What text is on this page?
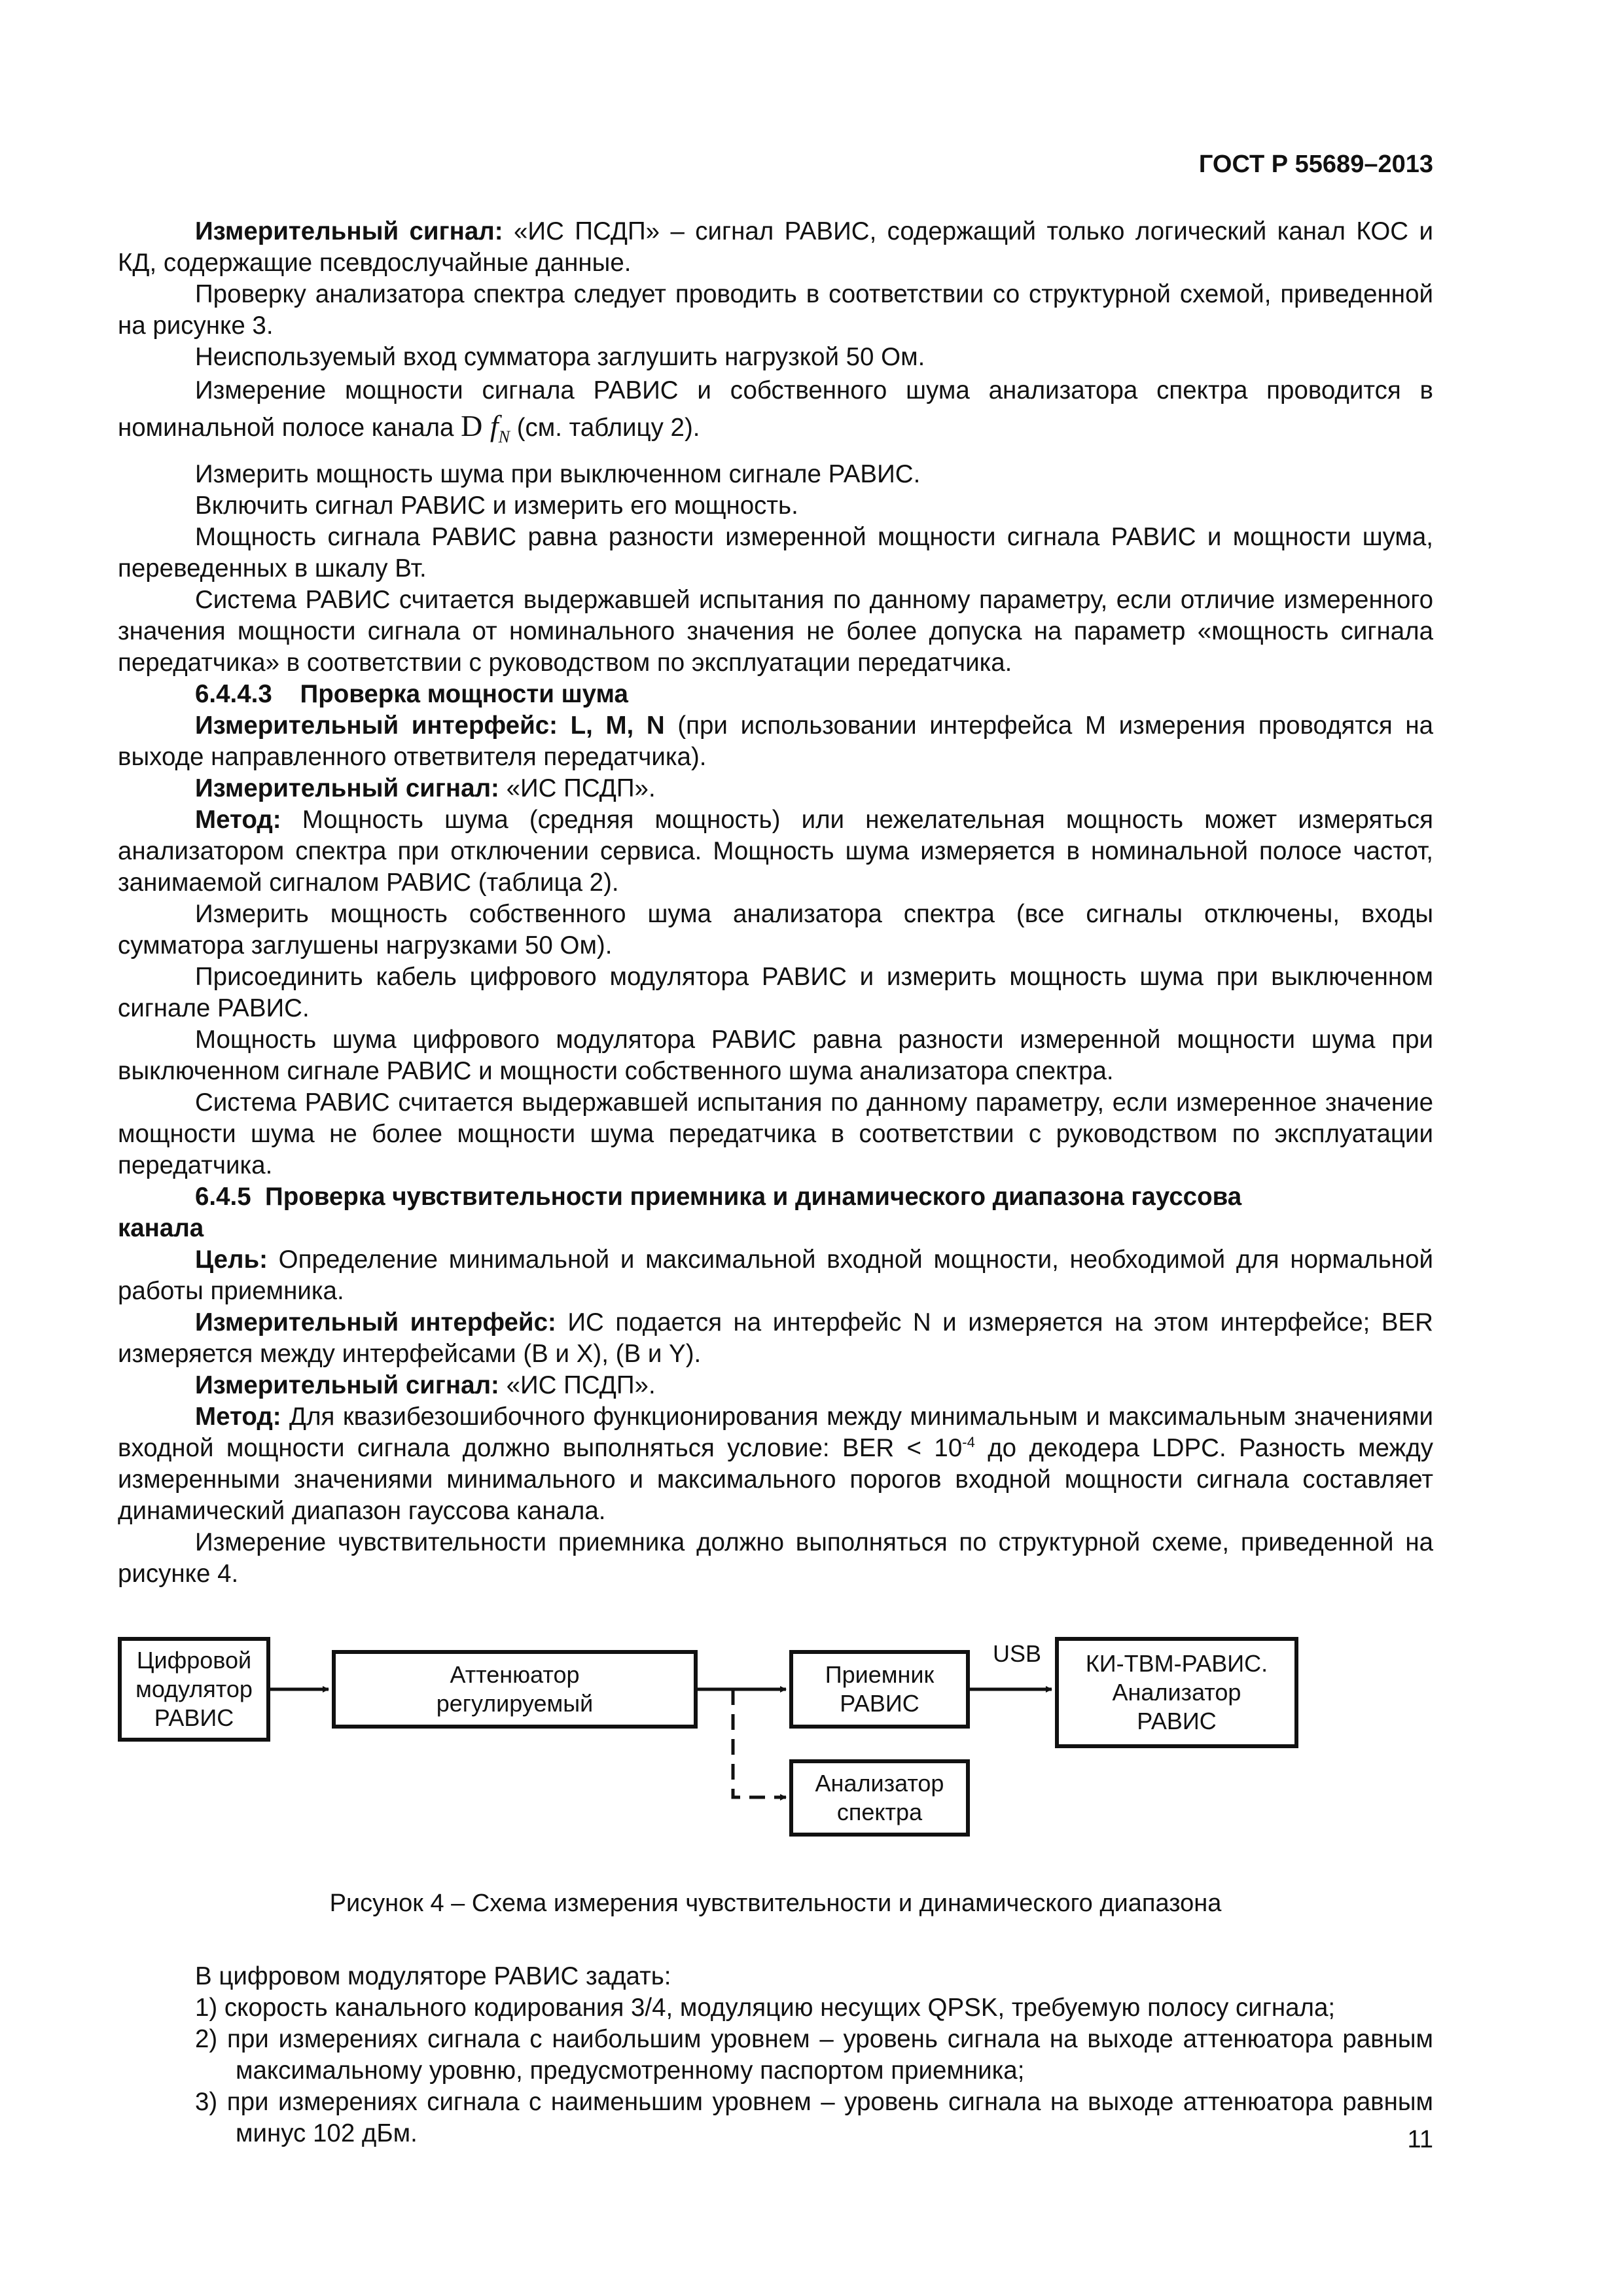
ГОСТ Р 55689–2013

Измерительный сигнал: «ИС ПСДП» – сигнал РАВИС, содержащий только логический канал КОС и КД, содержащие псевдослучайные данные.

Проверку анализатора спектра следует проводить в соответствии со структурной схемой, приведенной на рисунке 3.

Неиспользуемый вход сумматора заглушить нагрузкой 50 Ом.

Измерение мощности сигнала РАВИС и собственного шума анализатора спектра проводится в номинальной полосе канала D $f_N$ (см. таблицу 2).

Измерить мощность шума при выключенном сигнале РАВИС.

Включить сигнал РАВИС и измерить его мощность.

Мощность сигнала РАВИС равна разности измеренной мощности сигнала РАВИС и мощности шума, переведенных в шкалу Вт.

Система РАВИС считается выдержавшей испытания по данному параметру, если отличие измеренного значения мощности сигнала от номинального значения не более допуска на параметр «мощность сигнала передатчика» в соответствии с руководством по эксплуатации передатчика.

6.4.4.3    Проверка мощности шума

Измерительный интерфейс: L, M, N (при использовании интерфейса М измерения проводятся на выходе направленного ответвителя передатчика).

Измерительный сигнал: «ИС ПСДП».

Метод: Мощность шума (средняя мощность) или нежелательная мощность может измеряться анализатором спектра при отключении сервиса. Мощность шума измеряется в номинальной полосе частот, занимаемой сигналом РАВИС (таблица 2).

Измерить мощность собственного шума анализатора спектра (все сигналы отключены, входы сумматора заглушены нагрузками 50 Ом).

Присоединить кабель цифрового модулятора РАВИС и измерить мощность шума при выключенном сигнале РАВИС.

Мощность шума цифрового модулятора РАВИС равна разности измеренной мощности шума при выключенном сигнале РАВИС и мощности собственного шума анализатора спектра.

Система РАВИС считается выдержавшей испытания по данному параметру, если измеренное значение мощности шума не более мощности шума передатчика в соответствии с руководством по эксплуатации передатчика.

6.4.5  Проверка чувствительности приемника и динамического диапазона гауссова

канала

Цель: Определение минимальной и максимальной входной мощности, необходимой для нормальной работы приемника.

Измерительный интерфейс: ИС подается на интерфейс N и измеряется на этом интерфейсе; BER измеряется между интерфейсами (B и X), (B и Y).

Измерительный сигнал: «ИС ПСДП».

Метод: Для квазибезошибочного функционирования между минимальным и максимальным значениями входной мощности сигнала должно выполняться условие: BER < $10^{-4}$ до декодера LDPC. Разность между измеренными значениями минимального и максимального порогов входной мощности сигнала составляет динамический диапазон гауссова канала.

Измерение чувствительности приемника должно выполняться по структурной схеме, приведенной на рисунке 4.

Цифровой
модулятор
РАВИС
Аттенюатор
регулируемый
Приемник
РАВИС
USB КИ-ТВМ-РАВИС.
Анализатор
РАВИС
Анализатор
спектра
Рисунок 4 – Схема измерения чувствительности и динамического диапазона

В цифровом модуляторе РАВИС задать:

1) скорость канального кодирования 3/4, модуляцию несущих QPSK, требуемую полосу сигнала;

2) при измерениях сигнала с наибольшим уровнем – уровень сигнала на выходе аттенюатора равным максимальному уровню, предусмотренному паспортом приемника;

3) при измерениях сигнала с наименьшим уровнем – уровень сигнала на выходе аттенюатора равным минус 102 дБм.	11
